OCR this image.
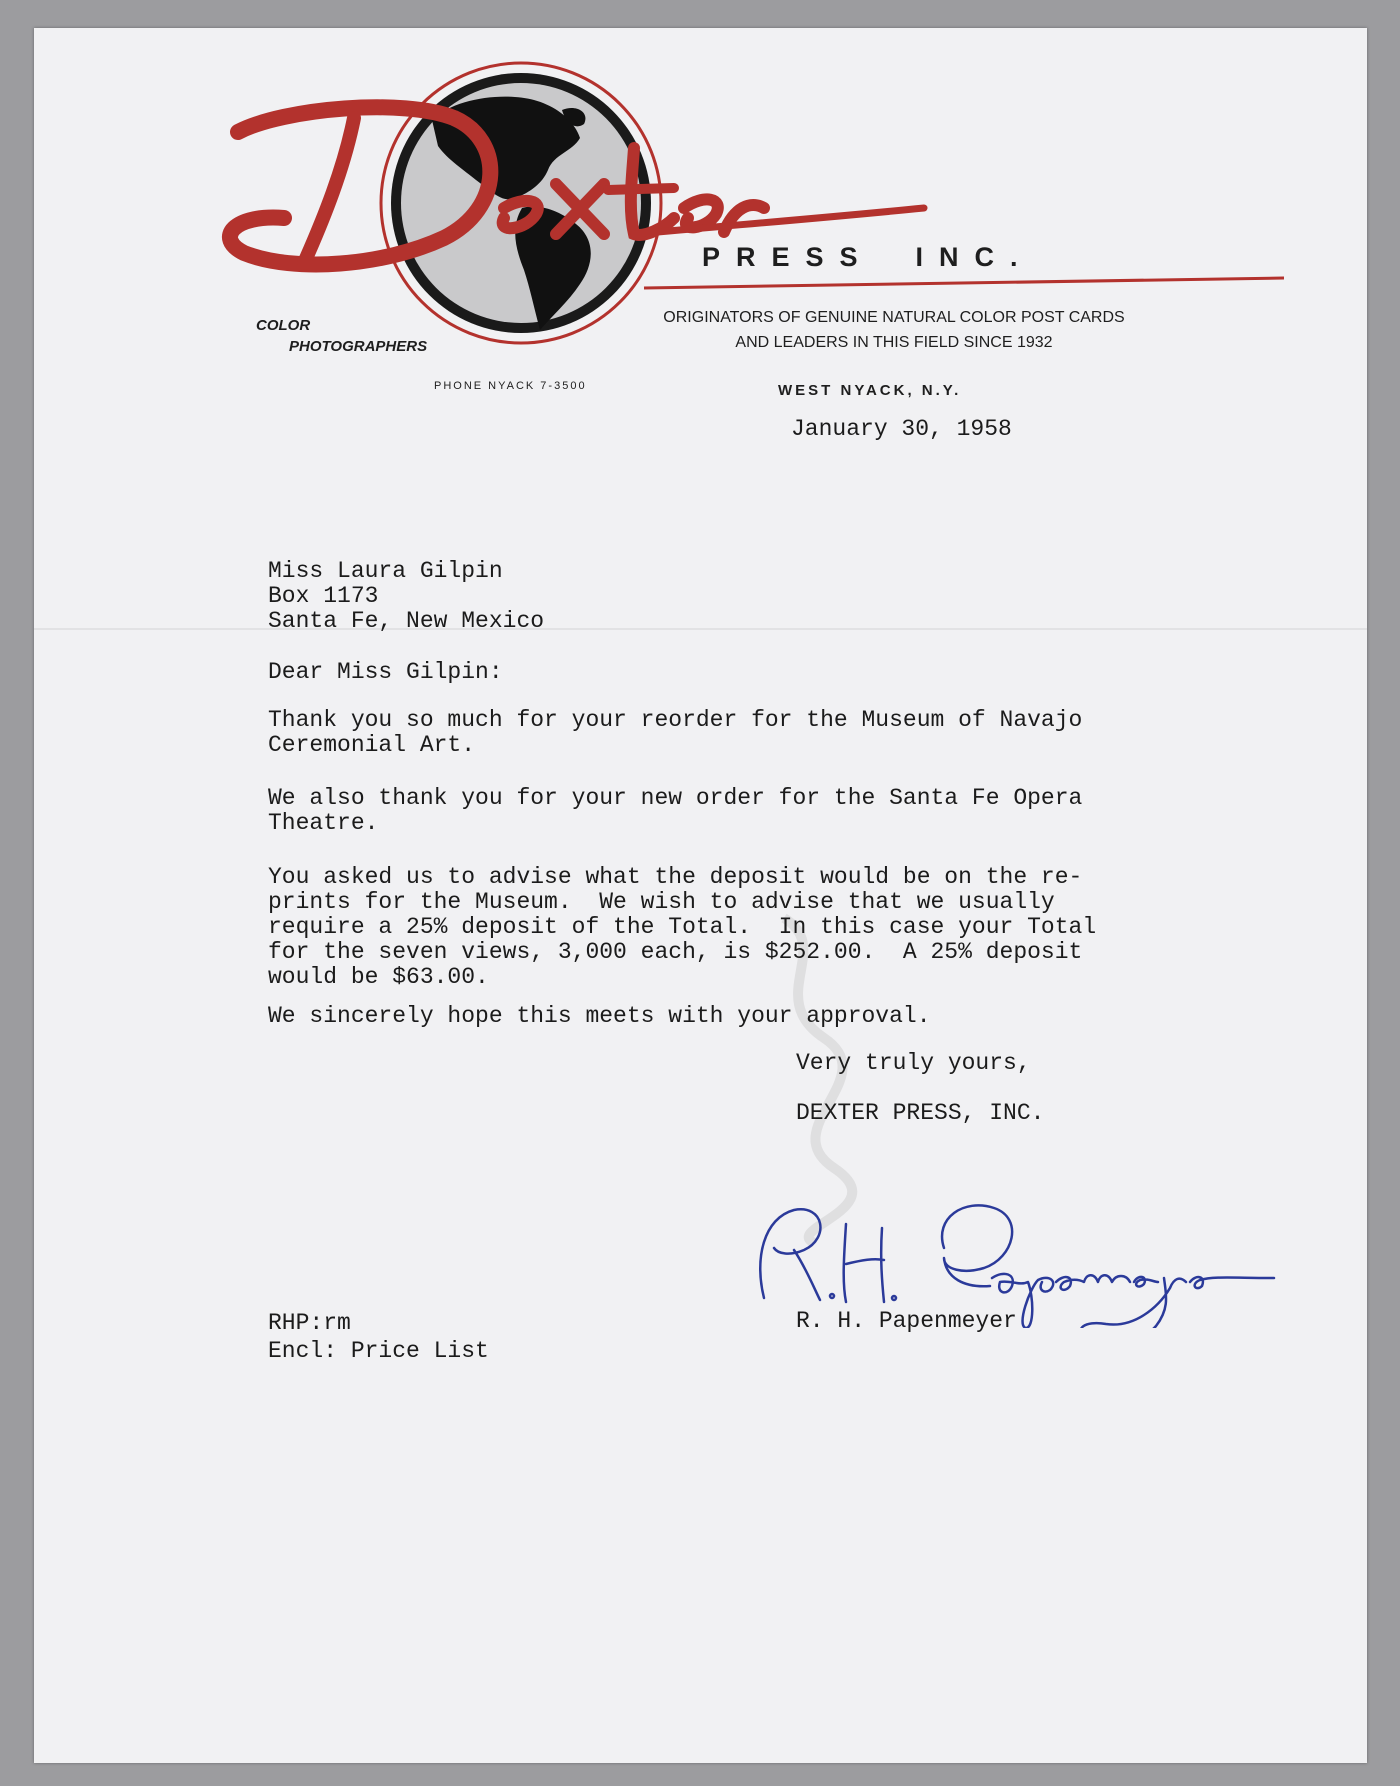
PRESS INC.
COLOR
PHOTOGRAPHERS
ORIGINATORS OF GENUINE NATURAL COLOR POST CARDS
AND LEADERS IN THIS FIELD SINCE 1932
PHONE NYACK 7-3500	WEST NYACK, N.Y.
January 30, 1958
Miss Laura Gilpin
Box 1173
Santa Fe, New Mexico
Dear Miss Gilpin:
Thank you so much for your reorder for the Museum of Navajo
Ceremonial Art.
We also thank you for your new order for the Santa Fe Opera
Theatre.
You asked us to advise what the deposit would be on the re-
prints for the Museum.  We wish to advise that we usually
require a 25% deposit of the Total.  In this case your Total
for the seven views, 3,000 each, is $252.00.  A 25% deposit
would be $63.00.
We sincerely hope this meets with your approval.
Very truly yours,
DEXTER PRESS, INC.
R. H. Papenmeyer
RHP:rm
Encl: Price List
